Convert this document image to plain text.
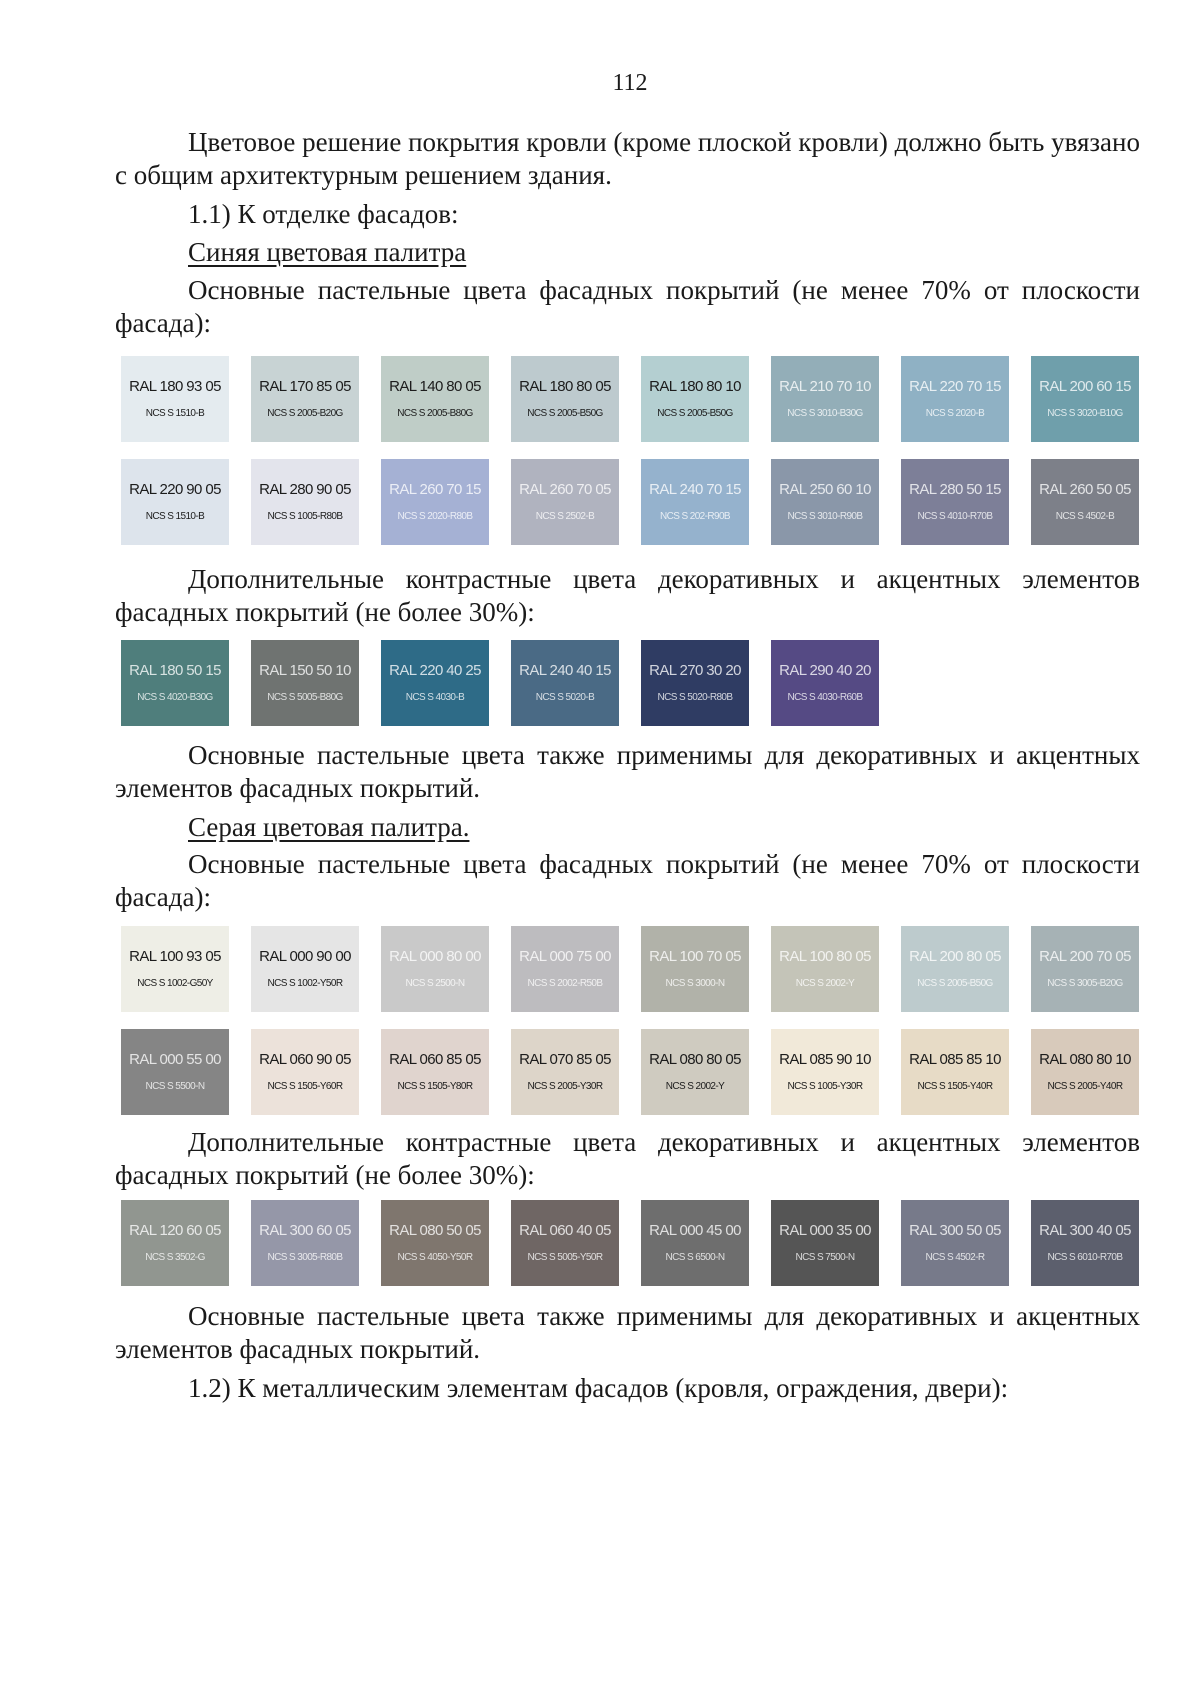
112

Цветовое решение покрытия кровли (кроме плоской кровли) должно быть увязано с общим архитектурным решением здания.

1.1) К отделке фасадов:

Синяя цветовая палитра

Основные пастельные цвета фасадных покрытий (не менее 70% от плоскости фасада):

RAL 180 93 05
NCS S 1510-B
RAL 170 85 05
NCS S 2005-B20G
RAL 140 80 05
NCS S 2005-B80G
RAL 180 80 05
NCS S 2005-B50G
RAL 180 80 10
NCS S 2005-B50G
RAL 210 70 10
NCS S 3010-B30G
RAL 220 70 15
NCS S 2020-B
RAL 200 60 15
NCS S 3020-B10G
RAL 220 90 05
NCS S 1510-B
RAL 280 90 05
NCS S 1005-R80B
RAL 260 70 15
NCS S 2020-R80B
RAL 260 70 05
NCS S 2502-B
RAL 240 70 15
NCS S 202-R90B
RAL 250 60 10
NCS S 3010-R90B
RAL 280 50 15
NCS S 4010-R70B
RAL 260 50 05
NCS S 4502-B

Дополнительные контрастные цвета декоративных и акцентных элементов фасадных покрытий (не более 30%):

RAL 180 50 15
NCS S 4020-B30G
RAL 150 50 10
NCS S 5005-B80G
RAL 220 40 25
NCS S 4030-B
RAL 240 40 15
NCS S 5020-B
RAL 270 30 20
NCS S 5020-R80B
RAL 290 40 20
NCS S 4030-R60B

Основные пастельные цвета также применимы для декоративных и акцентных элементов фасадных покрытий.

Серая цветовая палитра.

Основные пастельные цвета фасадных покрытий (не менее 70% от плоскости фасада):

RAL 100 93 05
NCS S 1002-G50Y
RAL 000 90 00
NCS S 1002-Y50R
RAL 000 80 00
NCS S 2500-N
RAL 000 75 00
NCS S 2002-R50B
RAL 100 70 05
NCS S 3000-N
RAL 100 80 05
NCS S 2002-Y
RAL 200 80 05
NCS S 2005-B50G
RAL 200 70 05
NCS S 3005-B20G
RAL 000 55 00
NCS S 5500-N
RAL 060 90 05
NCS S 1505-Y60R
RAL 060 85 05
NCS S 1505-Y80R
RAL 070 85 05
NCS S 2005-Y30R
RAL 080 80 05
NCS S 2002-Y
RAL 085 90 10
NCS S 1005-Y30R
RAL 085 85 10
NCS S 1505-Y40R
RAL 080 80 10
NCS S 2005-Y40R

Дополнительные контрастные цвета декоративных и акцентных элементов фасадных покрытий (не более 30%):

RAL 120 60 05
NCS S 3502-G
RAL 300 60 05
NCS S 3005-R80B
RAL 080 50 05
NCS S 4050-Y50R
RAL 060 40 05
NCS S 5005-Y50R
RAL 000 45 00
NCS S 6500-N
RAL 000 35 00
NCS S 7500-N
RAL 300 50 05
NCS S 4502-R
RAL 300 40 05
NCS S 6010-R70B

Основные пастельные цвета также применимы для декоративных и акцентных элементов фасадных покрытий.

1.2) К металлическим элементам фасадов (кровля, ограждения, двери):
